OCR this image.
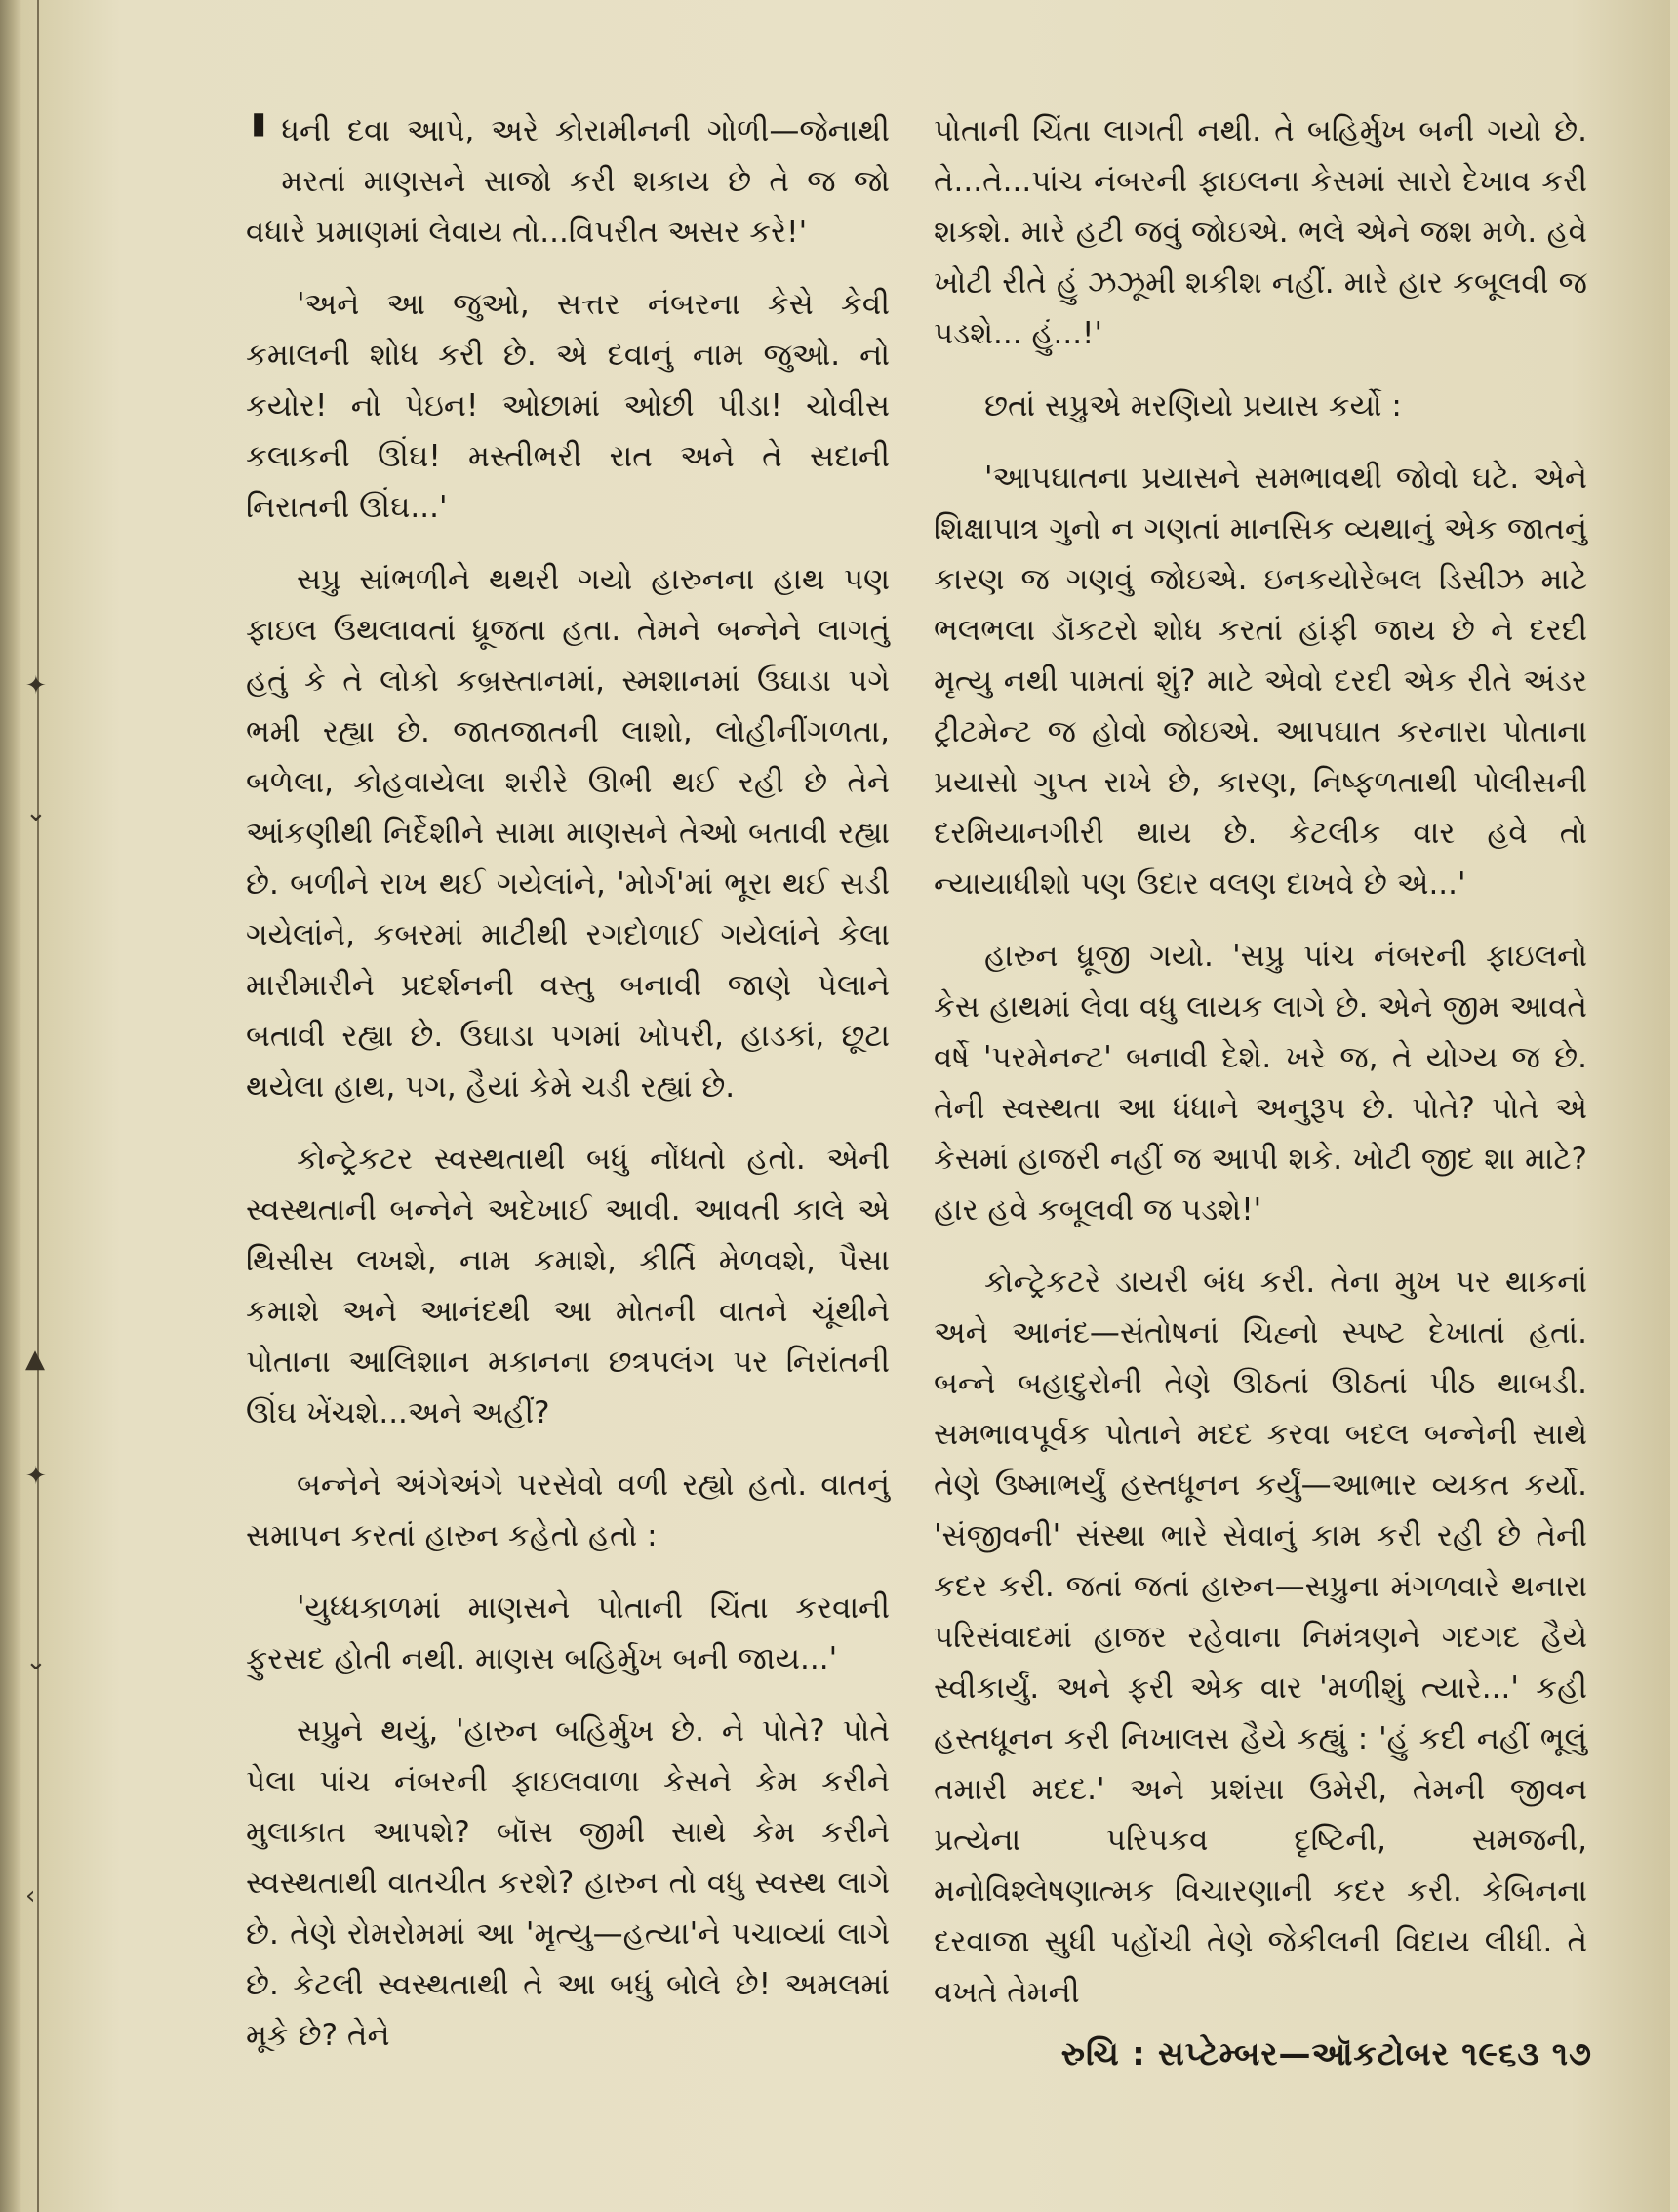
✦
⌄
▲
✦
⌄
‹

' ધની દવા આપે, અરે કોરામીનની ગોળી—જેનાથી મરતાં માણસને સાજો કરી શકાય છે તે જ જો વધારે પ્રમાણમાં લેવાય તો...વિપરીત અસર કરે!'

'અને આ જુઓ, સત્તર નંબરના કેસે કેવી કમાલની શોધ કરી છે. એ દવાનું નામ જુઓ. નો કયોર! નો પેઇન! ઓછામાં ઓછી પીડા! ચોવીસ કલાકની ઊંઘ! મસ્તીભરી રાત અને તે સદાની નિરાતની ઊંઘ...'

સપ્રુ સાંભળીને થથરી ગયો હારુનના હાથ પણ ફાઇલ ઉથલાવતાં ધ્રૂજતા હતા. તેમને બન્નેને લાગતું હતું કે તે લોકો કબ્રસ્તાનમાં, સ્મશાનમાં ઉઘાડા પગે ભમી રહ્યા છે. જાતજાતની લાશો, લોહીનીંગળતા, બળેલા, કોહવાયેલા શરીરે ઊભી થઈ રહી છે તેને આંકણીથી નિર્દેશીને સામા માણસને તેઓ બતાવી રહ્યા છે. બળીને રાખ થઈ ગયેલાંને, 'મોર્ગ'માં ભૂરા થઈ સડી ગયેલાંને, કબરમાં માટીથી રગદોળાઈ ગયેલાંને કેલા મારીમારીને પ્રદર્શનની વસ્તુ બનાવી જાણે પેલાને બતાવી રહ્યા છે. ઉઘાડા પગમાં ખોપરી, હાડકાં, છૂટા થયેલા હાથ, પગ, હૈયાં કેમે ચડી રહ્યાં છે.

કોન્ટ્રેકટર સ્વસ્થતાથી બધું નોંધતો હતો. એની સ્વસ્થતાની બન્નેને અદેખાઈ આવી. આવતી કાલે એ થિસીસ લખશે, નામ કમાશે, કીર્તિ મેળવશે, પૈસા કમાશે અને આનંદથી આ મોતની વાતને ચૂંથીને પોતાના આલિશાન મકાનના છત્રપલંગ પર નિરાંતની ઊંઘ ખેંચશે...અને અહીં?

બન્નેને અંગેઅંગે પરસેવો વળી રહ્યો હતો. વાતનું સમાપન કરતાં હારુન કહેતો હતો :

'યુધ્ધકાળમાં માણસને પોતાની ચિંતા કરવાની ફુરસદ હોતી નથી. માણસ બહિર્મુખ બની જાય...'

સપ્રુને થયું, 'હારુન બહિર્મુખ છે. ને પોતે? પોતે પેલા પાંચ નંબરની ફાઇલવાળા કેસને કેમ કરીને મુલાકાત આપશે? બૉસ જીમી સાથે કેમ કરીને સ્વસ્થતાથી વાતચીત કરશે? હારુન તો વધુ સ્વસ્થ લાગે છે. તેણે રોમરોમમાં આ 'મૃત્યુ—હત્યા'ને પચાવ્યાં લાગે છે. કેટલી સ્વસ્થતાથી તે આ બધું બોલે છે! અમલમાં મૂકે છે? તેને

પોતાની ચિંતા લાગતી નથી. તે બહિર્મુખ બની ગયો છે. તે...તે...પાંચ નંબરની ફાઇલના કેસમાં સારો દેખાવ કરી શકશે. મારે હટી જવું જોઇએ. ભલે એને જશ મળે. હવે ખોટી રીતે હું ઝઝૂમી શકીશ નહીં. મારે હાર કબૂલવી જ પડશે... હું...!'

છતાં સપ્રુએ મરણિયો પ્રયાસ કર્યો :

'આપઘાતના પ્રયાસને સમભાવથી જોવો ઘટે. એને શિક્ષાપાત્ર ગુનો ન ગણતાં માનસિક વ્યથાનું એક જાતનું કારણ જ ગણવું જોઇએ. ઇનકયોરેબલ ડિસીઝ માટે ભલભલા ડૉકટરો શોધ કરતાં હાંફી જાય છે ને દરદી મૃત્યુ નથી પામતાં શું? માટે એવો દરદી એક રીતે અંડર ટ્રીટમેન્ટ જ હોવો જોઇએ. આપઘાત કરનારા પોતાના પ્રયાસો ગુપ્ત રાખે છે, કારણ, નિષ્ફળતાથી પોલીસની દરમિયાનગીરી થાય છે. કેટલીક વાર હવે તો ન્યાયાધીશો પણ ઉદાર વલણ દાખવે છે એ...'

હારુન ધ્રૂજી ગયો. 'સપ્રુ પાંચ નંબરની ફાઇલનો કેસ હાથમાં લેવા વધુ લાયક લાગે છે. એને જીમ આવતે વર્ષે 'પરમેનન્ટ' બનાવી દેશે. ખરે જ, તે યોગ્ય જ છે. તેની સ્વસ્થતા આ ધંધાને અનુરૂપ છે. પોતે? પોતે એ કેસમાં હાજરી નહીં જ આપી શકે. ખોટી જીદ શા માટે? હાર હવે કબૂલવી જ પડશે!'

કોન્ટ્રેકટરે ડાયરી બંધ કરી. તેના મુખ પર થાકનાં અને આનંદ—સંતોષનાં ચિહ્નો સ્પષ્ટ દેખાતાં હતાં. બન્ને બહાદુરોની તેણે ઊઠતાં ઊઠતાં પીઠ થાબડી. સમભાવપૂર્વક પોતાને મદદ કરવા બદલ બન્નેની સાથે તેણે ઉષ્માભર્યું હસ્તધૂનન કર્યું—આભાર વ્યકત કર્યો. 'સંજીવની' સંસ્થા ભારે સેવાનું કામ કરી રહી છે તેની કદર કરી. જતાં જતાં હારુન—સપ્રુના મંગળવારે થનારા પરિસંવાદમાં હાજર રહેવાના નિમંત્રણને ગદગદ હૈયે સ્વીકાર્યું. અને ફરી એક વાર 'મળીશું ત્યારે...' કહી હસ્તધૂનન કરી નિખાલસ હૈયે કહ્યું : 'હું કદી નહીં ભૂલું તમારી મદદ.' અને પ્રશંસા ઉમેરી, તેમની જીવન પ્રત્યેના પરિપકવ દૃષ્ટિની, સમજની, મનોવિશ્લેષણાત્મક વિચારણાની કદર કરી. કેબિનના દરવાજા સુધી પહોંચી તેણે જેકીલની વિદાય લીધી. તે વખતે તેમની

રુચિ : સપ્ટેમ્બર—ઑકટોબર ૧૯૬૩ ૧૭
